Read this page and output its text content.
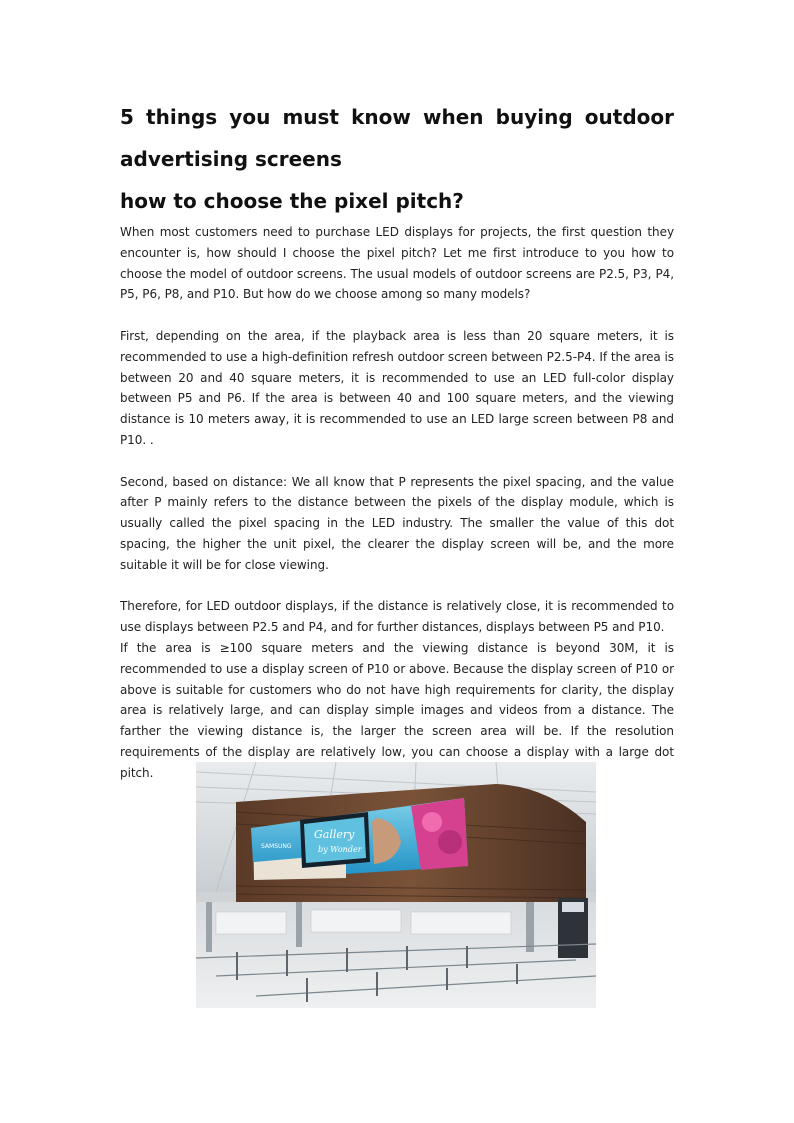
5 things you must know when buying outdoor advertising screens
how to choose the pixel pitch?

When most customers need to purchase LED displays for projects, the first question they encounter is, how should I choose the pixel pitch? Let me first introduce to you how to choose the model of outdoor screens. The usual models of outdoor screens are P2.5, P3, P4, P5, P6, P8, and P10. But how do we choose among so many models?

First, depending on the area, if the playback area is less than 20 square meters, it is recommended to use a high-definition refresh outdoor screen between P2.5-P4. If the area is between 20 and 40 square meters, it is recommended to use an LED full-color display between P5 and P6. If the area is between 40 and 100 square meters, and the viewing distance is 10 meters away, it is recommended to use an LED large screen between P8 and P10. .

Second, based on distance: We all know that P represents the pixel spacing, and the value after P mainly refers to the distance between the pixels of the display module, which is usually called the pixel spacing in the LED industry. The smaller the value of this dot spacing, the higher the unit pixel, the clearer the display screen will be, and the more suitable it will be for close viewing.

Therefore, for LED outdoor displays, if the distance is relatively close, it is recommended to use displays between P2.5 and P4, and for further distances, displays between P5 and P10.

If the area is ≥100 square meters and the viewing distance is beyond 30M, it is recommended to use a display screen of P10 or above. Because the display screen of P10 or above is suitable for customers who do not have high requirements for clarity, the display area is relatively large, and can display simple images and videos from a distance. The farther the viewing distance is, the larger the screen area will be. If the resolution requirements of the display are relatively low, you can choose a display with a large dot pitch.

SAMSUNG
Gallery
by Wonder
